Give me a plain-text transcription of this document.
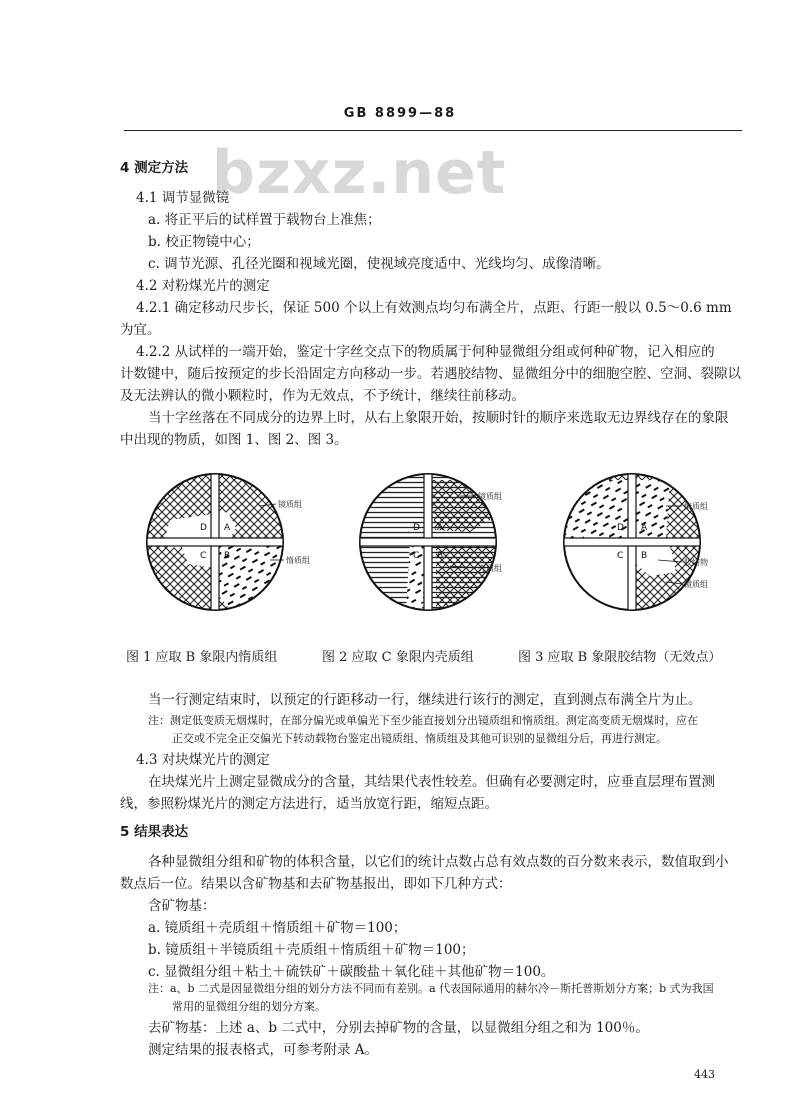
GB 8899—88
bzxz.net
4 测定方法
4.1 调节显微镜
a. 将正平后的试样置于载物台上准焦；
b. 校正物镜中心；
c. 调节光源、孔径光圈和视域光圈，使视域亮度适中、光线均匀、成像清晰。
4.2 对粉煤光片的测定
4.2.1 确定移动尺步长，保证 500 个以上有效测点均匀布满全片，点距、行距一般以 0.5～0.6 mm
为宜。
4.2.2 从试样的一端开始，鉴定十字丝交点下的物质属于何种显微组分组或何种矿物，记入相应的
计数键中，随后按预定的步长沿固定方向移动一步。若遇胶结物、显微组分中的细胞空腔、空洞、裂隙以
及无法辨认的微小颗粒时，作为无效点，不予统计，继续往前移动。
当十字丝落在不同成分的边界上时，从右上象限开始，按顺时针的顺序来选取无边界线存在的象限
中出现的物质，如图 1、图 2、图 3。
D A
C B
镜质组
惰质组
D A
C B
镜质组
壳质组
D A
C B
惰质组
胶结物
镜质组
图 1 应取 B 象限内惰质组	图 2 应取 C 象限内壳质组	图 3 应取 B 象限胶结物（无效点）
当一行测定结束时，以预定的行距移动一行，继续进行该行的测定，直到测点布满全片为止。
注：测定低变质无烟煤时，在部分偏光或单偏光下至少能直接划分出镜质组和惰质组。测定高变质无烟煤时，应在
正交或不完全正交偏光下转动载物台鉴定出镜质组、惰质组及其他可识别的显微组分后，再进行测定。
4.3 对块煤光片的测定
在块煤光片上测定显微成分的含量，其结果代表性较差。但确有必要测定时，应垂直层理布置测
线，参照粉煤光片的测定方法进行，适当放宽行距，缩短点距。
5 结果表达
各种显微组分组和矿物的体积含量，以它们的统计点数占总有效点数的百分数来表示，数值取到小
数点后一位。结果以含矿物基和去矿物基报出，即如下几种方式：
含矿物基：
a. 镜质组＋壳质组＋惰质组＋矿物＝100；
b. 镜质组＋半镜质组＋壳质组＋惰质组＋矿物＝100；
c. 显微组分组＋粘土＋硫铁矿＋碳酸盐＋氧化硅＋其他矿物＝100。
注：a、b 二式是因显微组分组的划分方法不同而有差别。a 代表国际通用的赫尔冷－斯托普斯划分方案；b 式为我国
常用的显微组分组的划分方案。
去矿物基：上述 a、b 二式中，分别去掉矿物的含量，以显微组分组之和为 100％。
测定结果的报表格式，可参考附录 A。
443
